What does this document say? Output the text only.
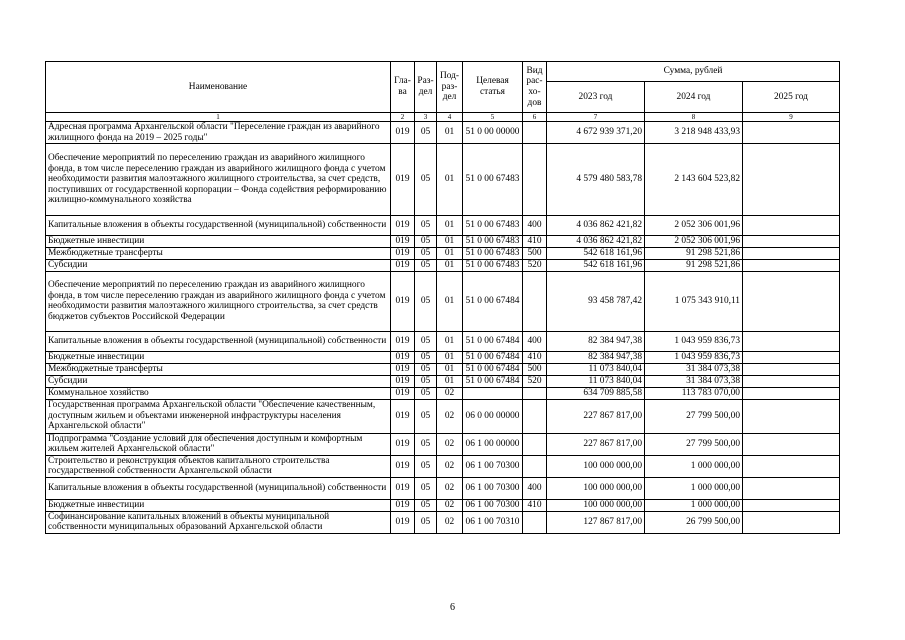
Наименование	Гла-ва	Раз-дел	Под-раз-дел	Целевая статья	Вид рас-хо-дов	Сумма, рублей		
						2023 год	2024 год	2025 год
1	2	3	4	5	6	7	8	9
Адресная программа Архангельской области "Переселение граждан из аварийного жилищного фонда на 2019 – 2025 годы"	019	05	01	51 0 00 00000		4 672 939 371,20	3 218 948 433,93	
Обеспечение мероприятий по переселению граждан из аварийного жилищного фонда, в том числе переселению граждан из аварийного жилищного фонда с учетом необходимости развития малоэтажного жилищного строительства, за счет средств, поступивших от государственной корпорации – Фонда содействия реформированию жилищно-коммунального хозяйства	019	05	01	51 0 00 67483		4 579 480 583,78	2 143 604 523,82	
Капитальные вложения в объекты государственной (муниципальной) собственности	019	05	01	51 0 00 67483	400	4 036 862 421,82	2 052 306 001,96	
Бюджетные инвестиции	019	05	01	51 0 00 67483	410	4 036 862 421,82	2 052 306 001,96	
Межбюджетные трансферты	019	05	01	51 0 00 67483	500	542 618 161,96	91 298 521,86	
Субсидии	019	05	01	51 0 00 67483	520	542 618 161,96	91 298 521,86	
Обеспечение мероприятий по переселению граждан из аварийного жилищного фонда, в том числе переселению граждан из аварийного жилищного фонда с учетом необходимости развития малоэтажного жилищного строительства, за счет средств бюджетов субъектов Российской Федерации	019	05	01	51 0 00 67484		93 458 787,42	1 075 343 910,11	
Капитальные вложения в объекты государственной (муниципальной) собственности	019	05	01	51 0 00 67484	400	82 384 947,38	1 043 959 836,73	
Бюджетные инвестиции	019	05	01	51 0 00 67484	410	82 384 947,38	1 043 959 836,73	
Межбюджетные трансферты	019	05	01	51 0 00 67484	500	11 073 840,04	31 384 073,38	
Субсидии	019	05	01	51 0 00 67484	520	11 073 840,04	31 384 073,38	
Коммунальное хозяйство	019	05	02			634 709 885,58	113 783 070,00	
Государственная программа Архангельской области "Обеспечение качественным, доступным жильем и объектами инженерной инфраструктуры населения Архангельской области"	019	05	02	06 0 00 00000		227 867 817,00	27 799 500,00	
Подпрограмма "Создание условий для обеспечения доступным и комфортным жильем жителей Архангельской области"	019	05	02	06 1 00 00000		227 867 817,00	27 799 500,00	
Строительство и реконструкция объектов капитального строительства государственной собственности Архангельской области	019	05	02	06 1 00 70300		100 000 000,00	1 000 000,00	
Капитальные вложения в объекты государственной (муниципальной) собственности	019	05	02	06 1 00 70300	400	100 000 000,00	1 000 000,00	
Бюджетные инвестиции	019	05	02	06 1 00 70300	410	100 000 000,00	1 000 000,00	
Софинансирование капитальных вложений в объекты муниципальной собственности муниципальных образований Архангельской области	019	05	02	06 1 00 70310		127 867 817,00	26 799 500,00	
6
